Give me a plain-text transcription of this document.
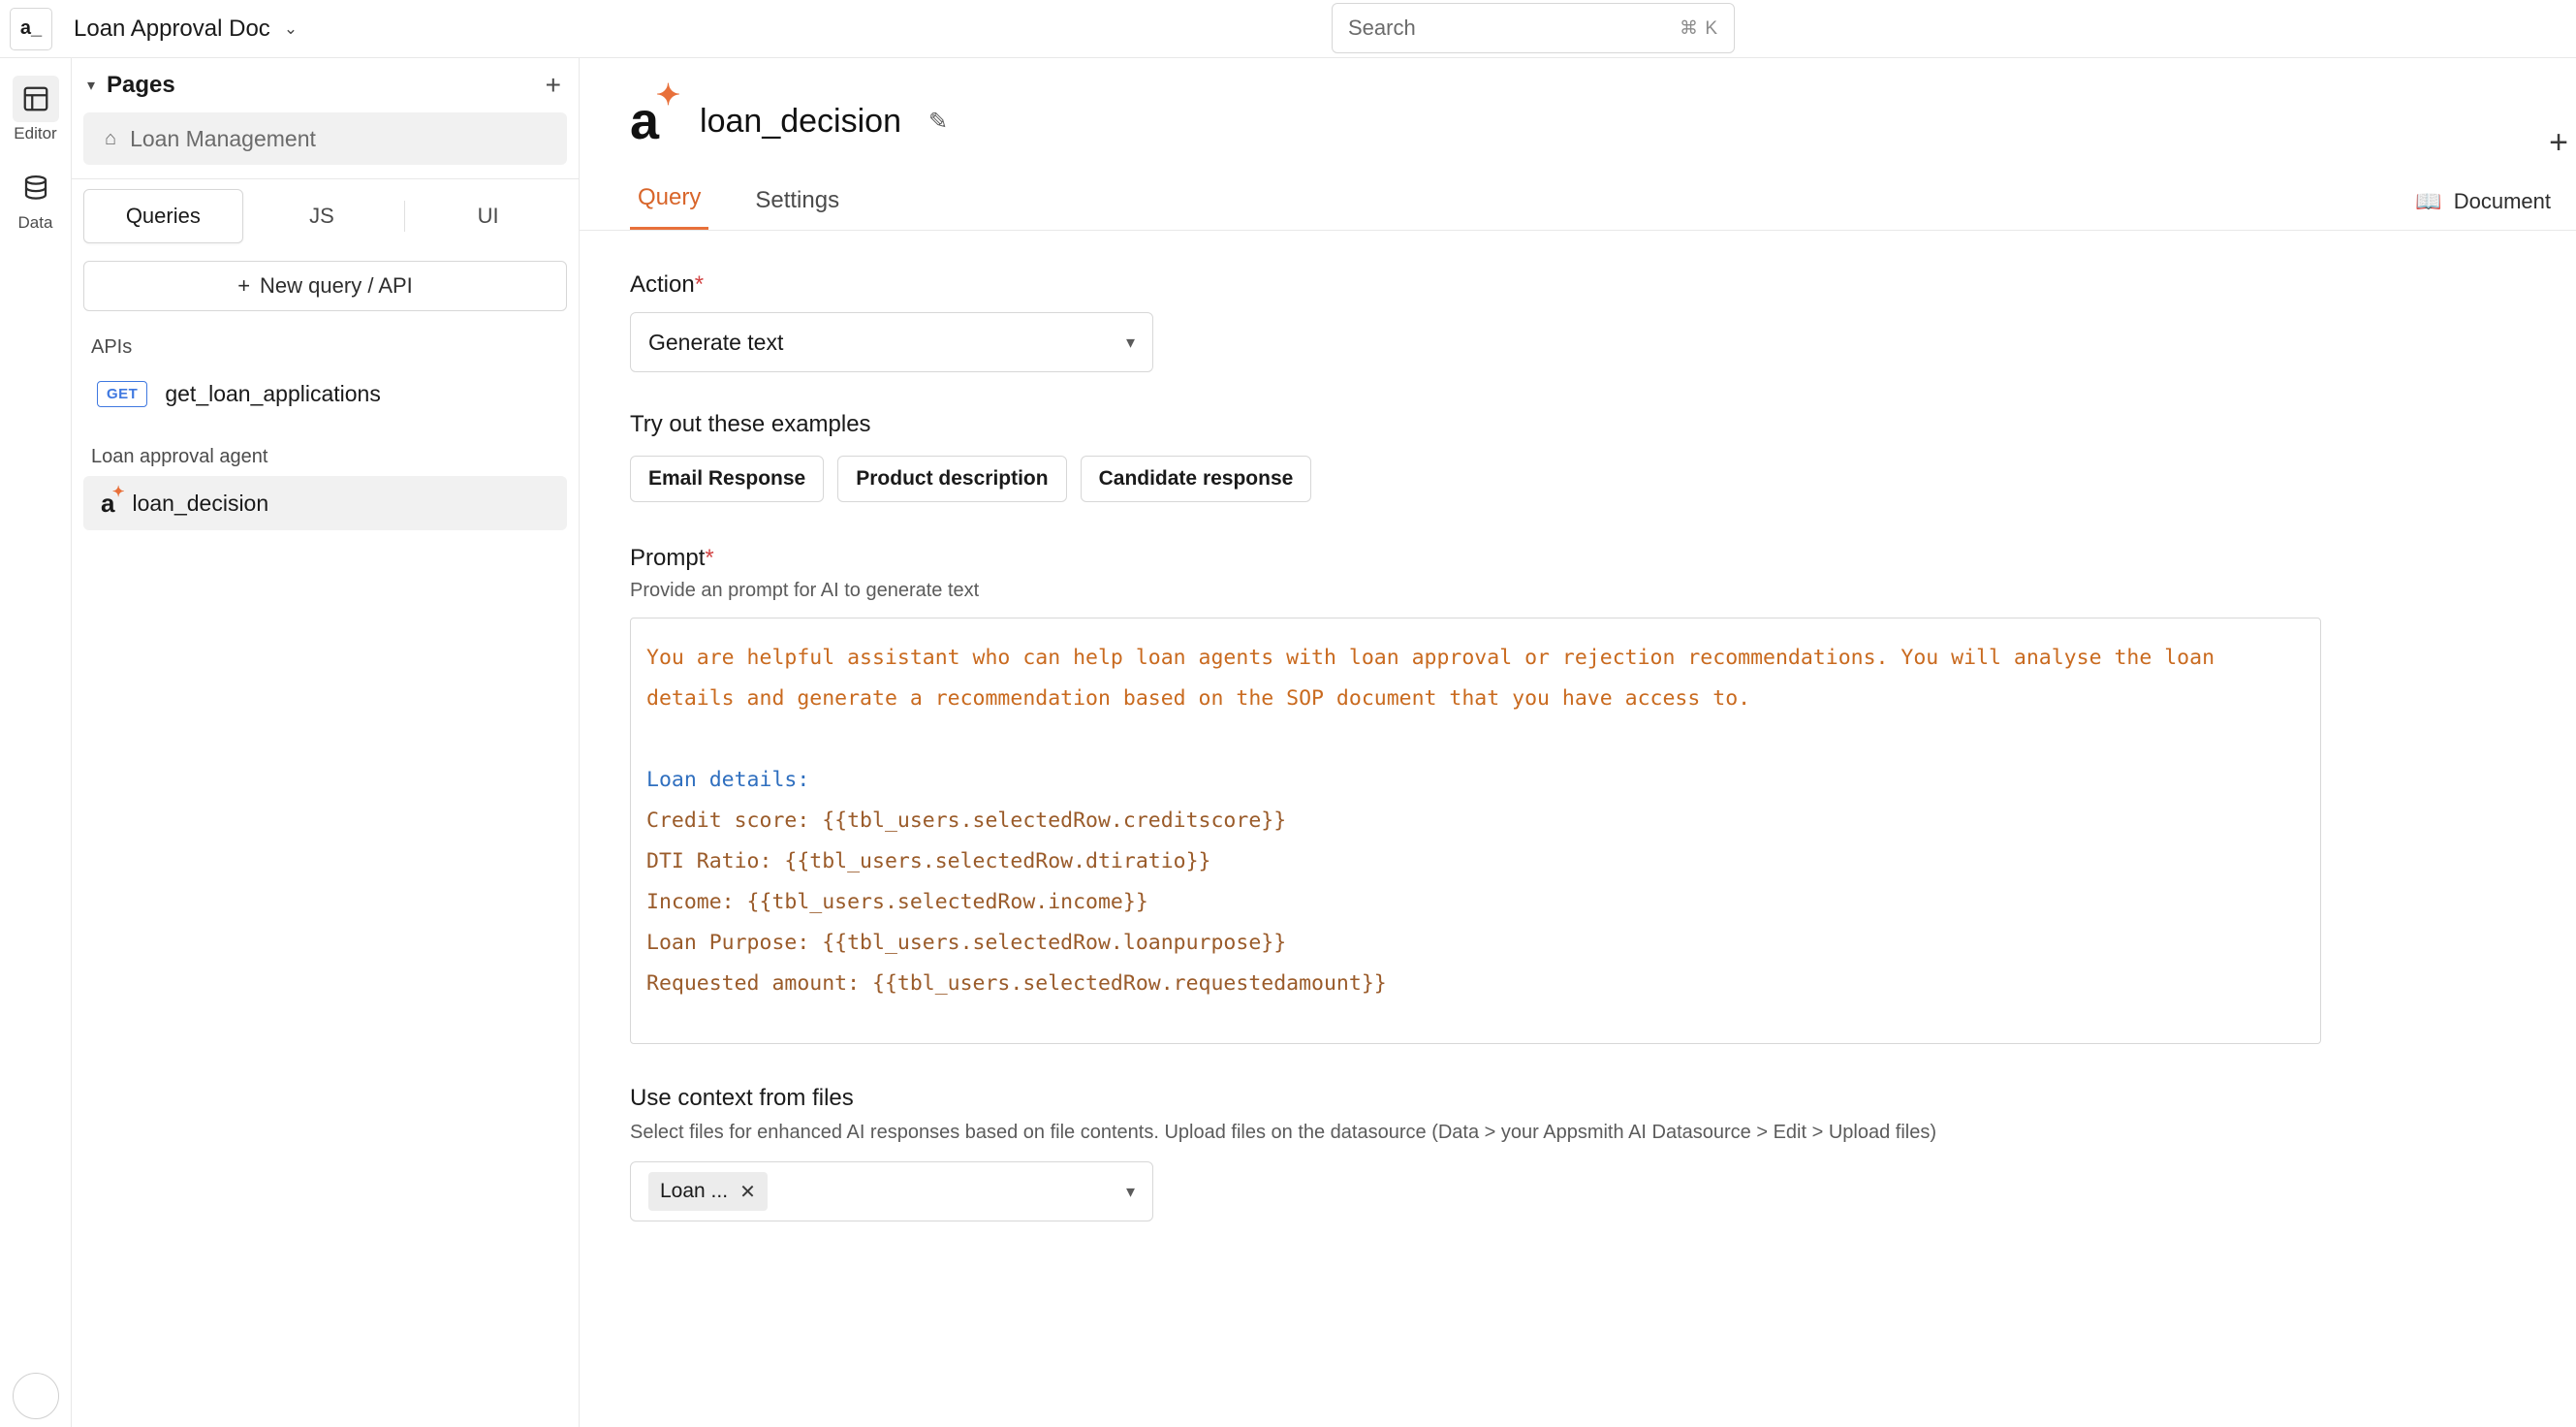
a_	Loan Approval Doc ⌄	Search	⌘ K
Editor
Data
▾ Pages	+
⌂ Loan Management
Queries	JS	UI
+ New query / API
APIs
GET	get_loan_applications
Loan approval agent
a
✦ loan_decision
+
a
✦
loan_decision ✎
Query	Settings	📖 Document
Action*
Generate text	▾
Try out these examples
Email Response	Product description	Candidate response
Prompt*
Provide an prompt for AI to generate text
You are helpful assistant who can help loan agents with loan approval or rejection recommendations. You will analyse the loan details and generate a recommendation based on the SOP document that you have access to.

Loan details:
Credit score: {{tbl_users.selectedRow.creditscore}}
DTI Ratio: {{tbl_users.selectedRow.dtiratio}}
Income: {{tbl_users.selectedRow.income}}
Loan Purpose: {{tbl_users.selectedRow.loanpurpose}}
Requested amount: {{tbl_users.selectedRow.requestedamount}}
Use context from files
Select files for enhanced AI responses based on file contents. Upload files on the datasource (Data > your Appsmith AI Datasource > Edit > Upload files)
Loan ... ✕	▾
